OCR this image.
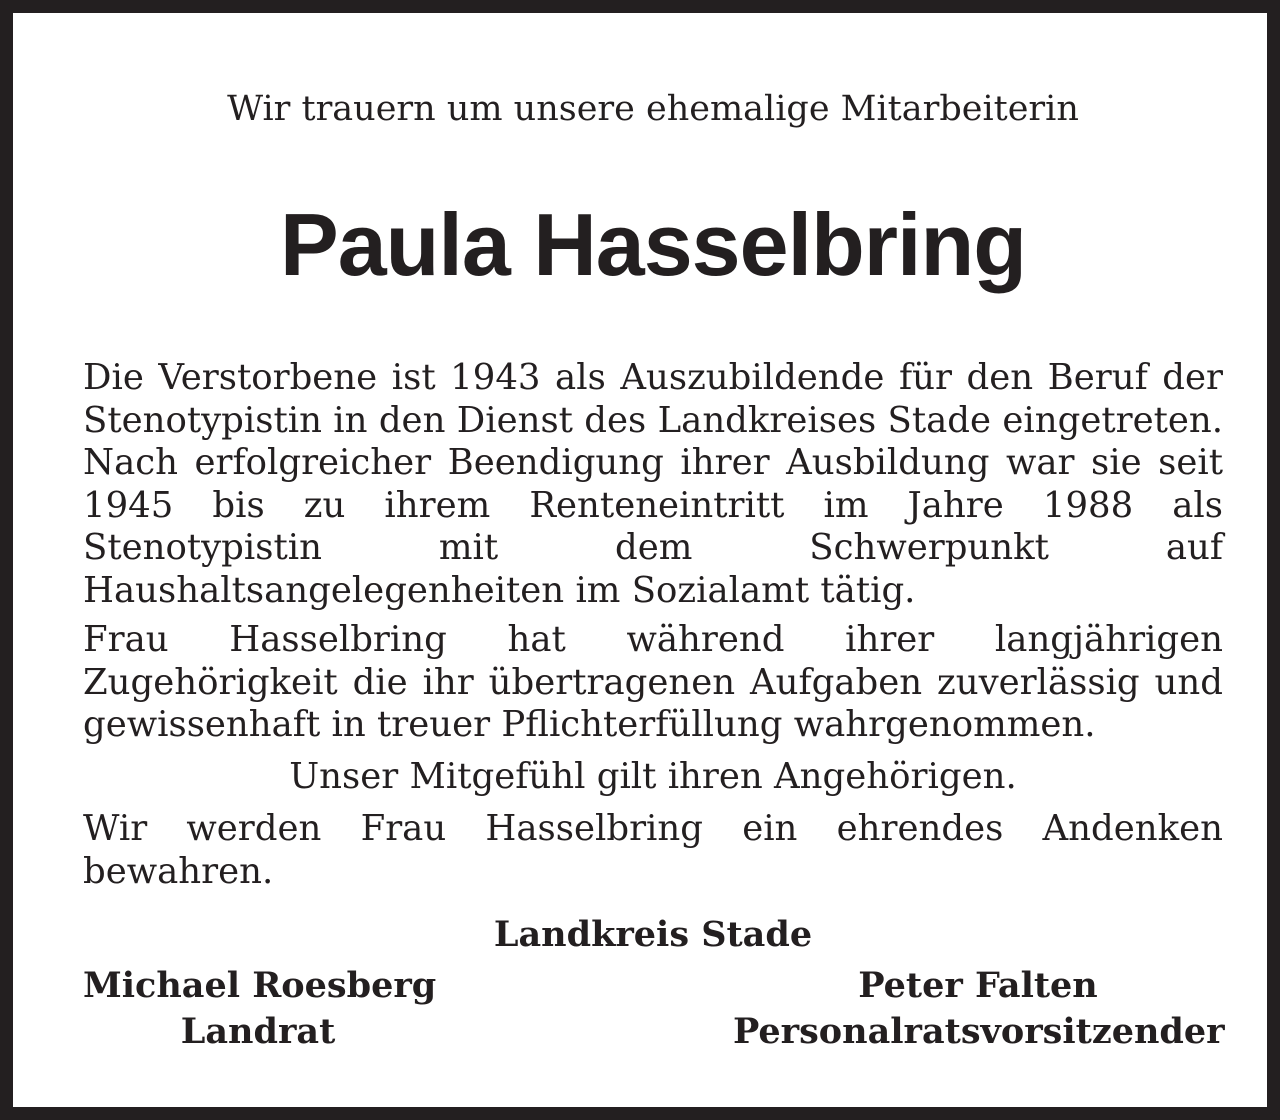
Wir trauern um unsere ehemalige Mitarbeiterin
Paula Hasselbring

Die Verstorbene ist 1943 als Auszubildende für den Beruf der Stenotypistin in den Dienst des Landkreises Stade eingetreten. Nach erfolgreicher Beendigung ihrer Ausbildung war sie seit 1945 bis zu ihrem Renteneintritt im Jahre 1988 als Stenotypistin mit dem Schwerpunkt auf Haushaltsangelegenheiten im Sozialamt tätig.

Frau Hasselbring hat während ihrer langjährigen Zugehörigkeit die ihr übertragenen Aufgaben zuverlässig und gewissenhaft in treuer Pflichterfüllung wahrgenommen.

Unser Mitgefühl gilt ihren Angehörigen.

Wir werden Frau Hasselbring ein ehrendes Andenken bewahren.

Landkreis Stade
Michael Roesberg
Landrat
Peter Falten
Personalratsvorsitzender
